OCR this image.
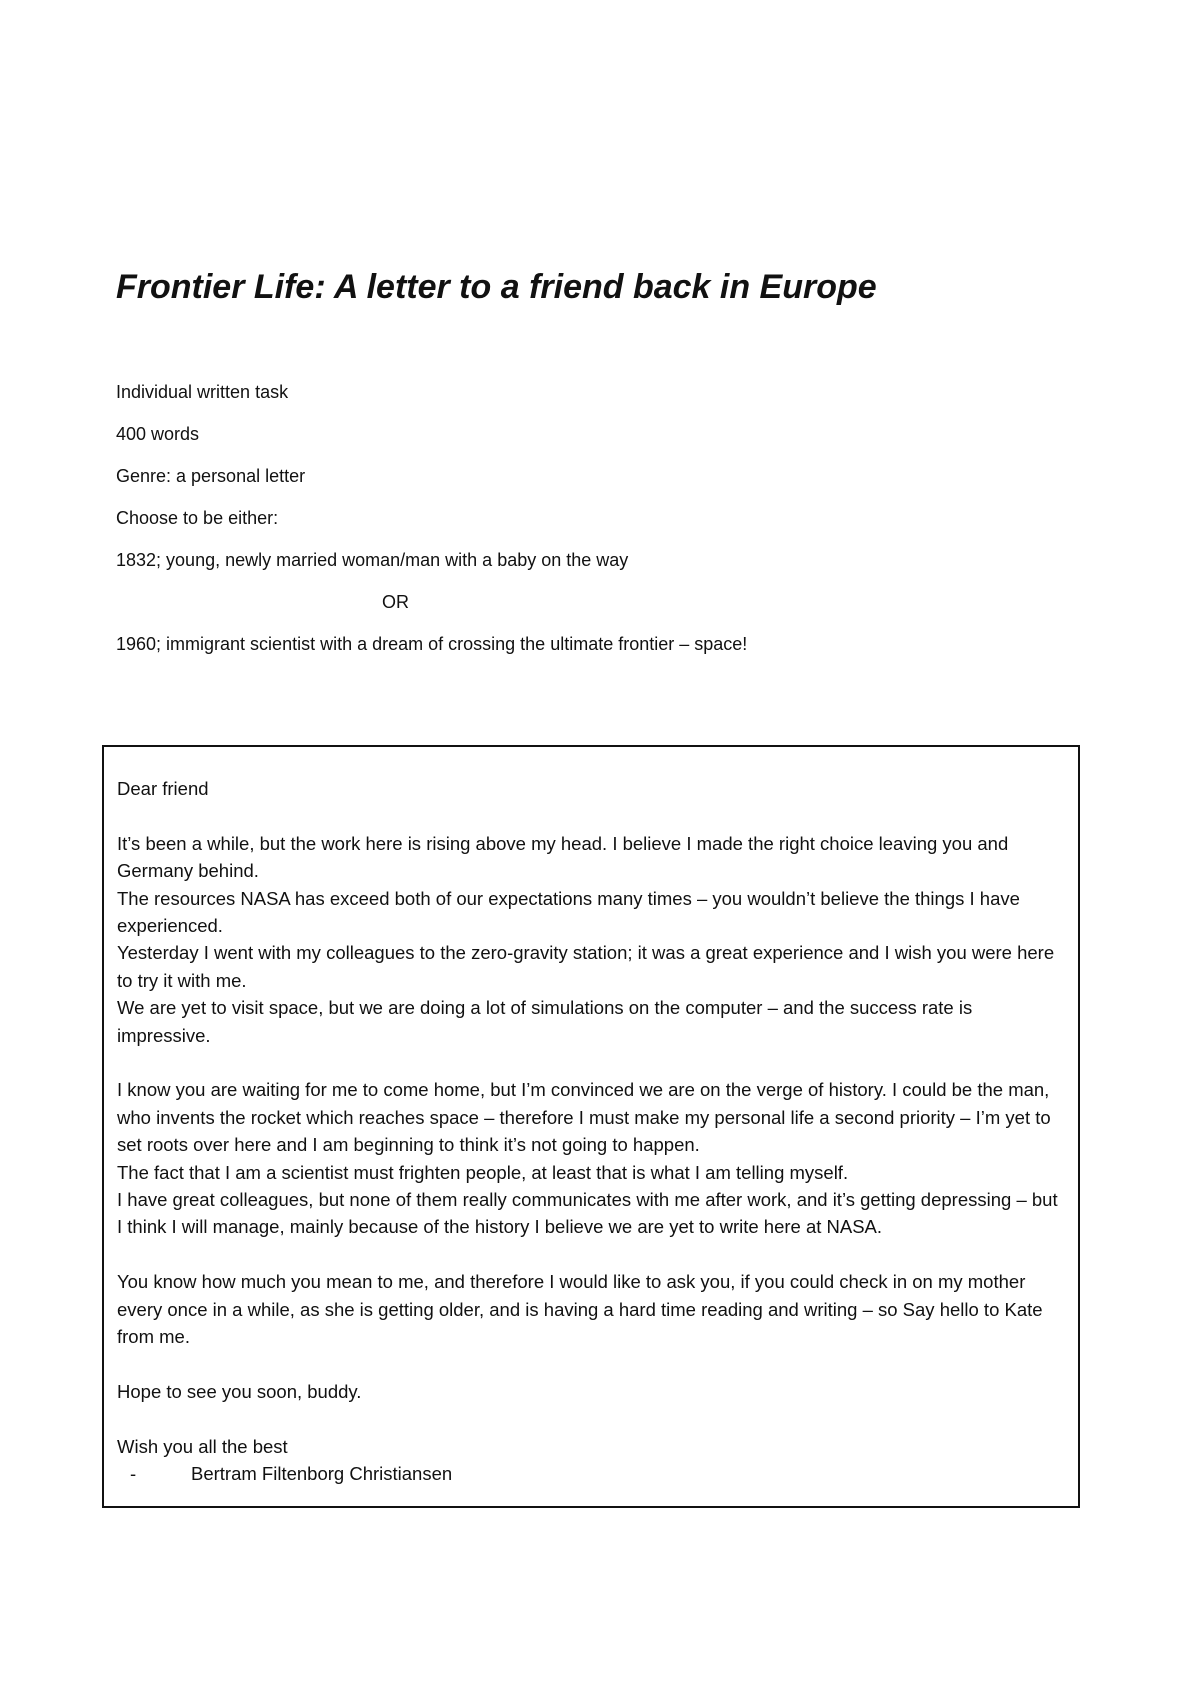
Frontier Life: A letter to a friend back in Europe
Individual written task
400 words
Genre: a personal letter
Choose to be either:
1832; young, newly married woman/man with a baby on the way
OR
1960; immigrant scientist with a dream of crossing the ultimate frontier – space!

Dear friend

It’s been a while, but the work here is rising above my head. I believe I made the right choice leaving you and Germany behind.

The resources NASA has exceed both of our expectations many times – you wouldn’t believe the things I have experienced.

Yesterday I went with my colleagues to the zero-gravity station; it was a great experience and I wish you were here to try it with me.

We are yet to visit space, but we are doing a lot of simulations on the computer – and the success rate is impressive.

I know you are waiting for me to come home, but I’m convinced we are on the verge of history. I could be the man, who invents the rocket which reaches space – therefore I must make my personal life a second priority – I’m yet to set roots over here and I am beginning to think it’s not going to happen.

The fact that I am a scientist must frighten people, at least that is what I am telling myself.

I have great colleagues, but none of them really communicates with me after work, and it’s getting depressing – but I think I will manage, mainly because of the history I believe we are yet to write here at NASA.

You know how much you mean to me, and therefore I would like to ask you, if you could check in on my mother every once in a while, as she is getting older, and is having a hard time reading and writing – so Say hello to Kate from me.

Hope to see you soon, buddy.

Wish you all the best

-	Bertram Filtenborg Christiansen
